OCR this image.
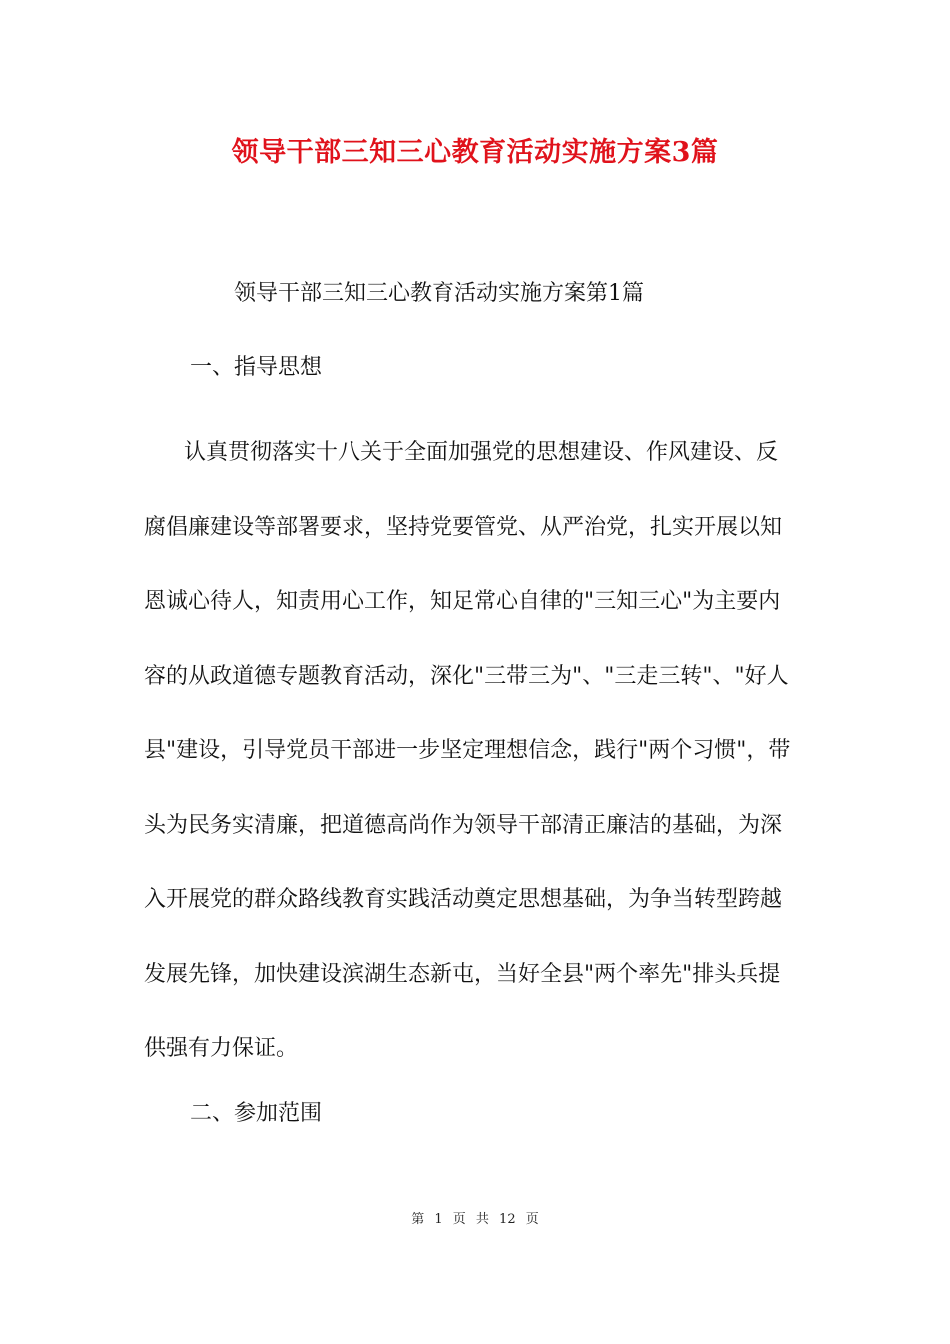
领导干部三知三心教育活动实施方案3篇
领导干部三知三心教育活动实施方案第1篇
一、指导思想
认真贯彻落实十八关于全面加强党的思想建设、作风建设、反
腐倡廉建设等部署要求，坚持党要管党、从严治党，扎实开展以知
恩诚心待人，知责用心工作，知足常心自律的"三知三心"为主要内
容的从政道德专题教育活动，深化"三带三为"、"三走三转"、"好人
县"建设，引导党员干部进一步坚定理想信念，践行"两个习惯"，带
头为民务实清廉，把道德高尚作为领导干部清正廉洁的基础，为深
入开展党的群众路线教育实践活动奠定思想基础，为争当转型跨越
发展先锋，加快建设滨湖生态新屯，当好全县"两个率先"排头兵提
供强有力保证。
二、参加范围
第 1 页 共 12 页
